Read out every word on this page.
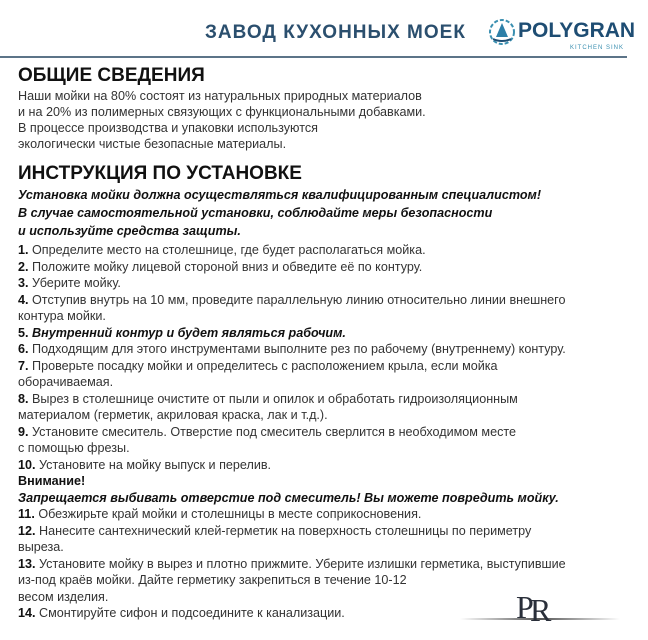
ЗАВОД КУХОННЫХ МОЕК POLYGRAN
KITCHEN SINK
ОБЩИЕ СВЕДЕНИЯ
Наши мойки на 80% состоят из натуральных природных материалов
и на 20% из полимерных связующих с функциональными добавками.
В процессе производства и упаковки используются
экологически чистые безопасные материалы.
ИНСТРУКЦИЯ ПО УСТАНОВКЕ
Установка мойки должна осуществляться квалифицированным специалистом!
В случае самостоятельной установки, соблюдайте меры безопасности
и используйте средства защиты.
1. Определите место на столешнице, где будет располагаться мойка.
2. Положите мойку лицевой стороной вниз и обведите её по контуру.
3. Уберите мойку.
4. Отступив внутрь на 10 мм, проведите параллельную линию относительно линии внешнего
контура мойки.
5. Внутренний контур и будет являться рабочим.
6. Подходящим для этого инструментами выполните рез по рабочему (внутреннему) контуру.
7. Проверьте посадку мойки и определитесь с расположением крыла, если мойка
оборачиваемая.
8. Вырез в столешнице очистите от пыли и опилок и обработать гидроизоляционным
материалом (герметик, акриловая краска, лак и т.д.).
9. Установите смеситель. Отверстие под смеситель сверлится в необходимом месте
с помощью фрезы.
10. Установите на мойку выпуск и перелив.
Внимание!
Запрещается выбивать отверстие под смеситель! Вы можете повредить мойку.
11. Обезжирьте край мойки и столешницы в месте соприкосновения.
12. Нанесите сантехнический клей-герметик на поверхность столешницы по периметру
выреза.
13. Установите мойку в вырез и плотно прижмите. Уберите излишки герметика, выступившие
из-под краёв мойки. Дайте герметику закрепиться в течение 10-12
весом изделия.
14. Смонтируйте сифон и подсоедините к канализации.	P
R
